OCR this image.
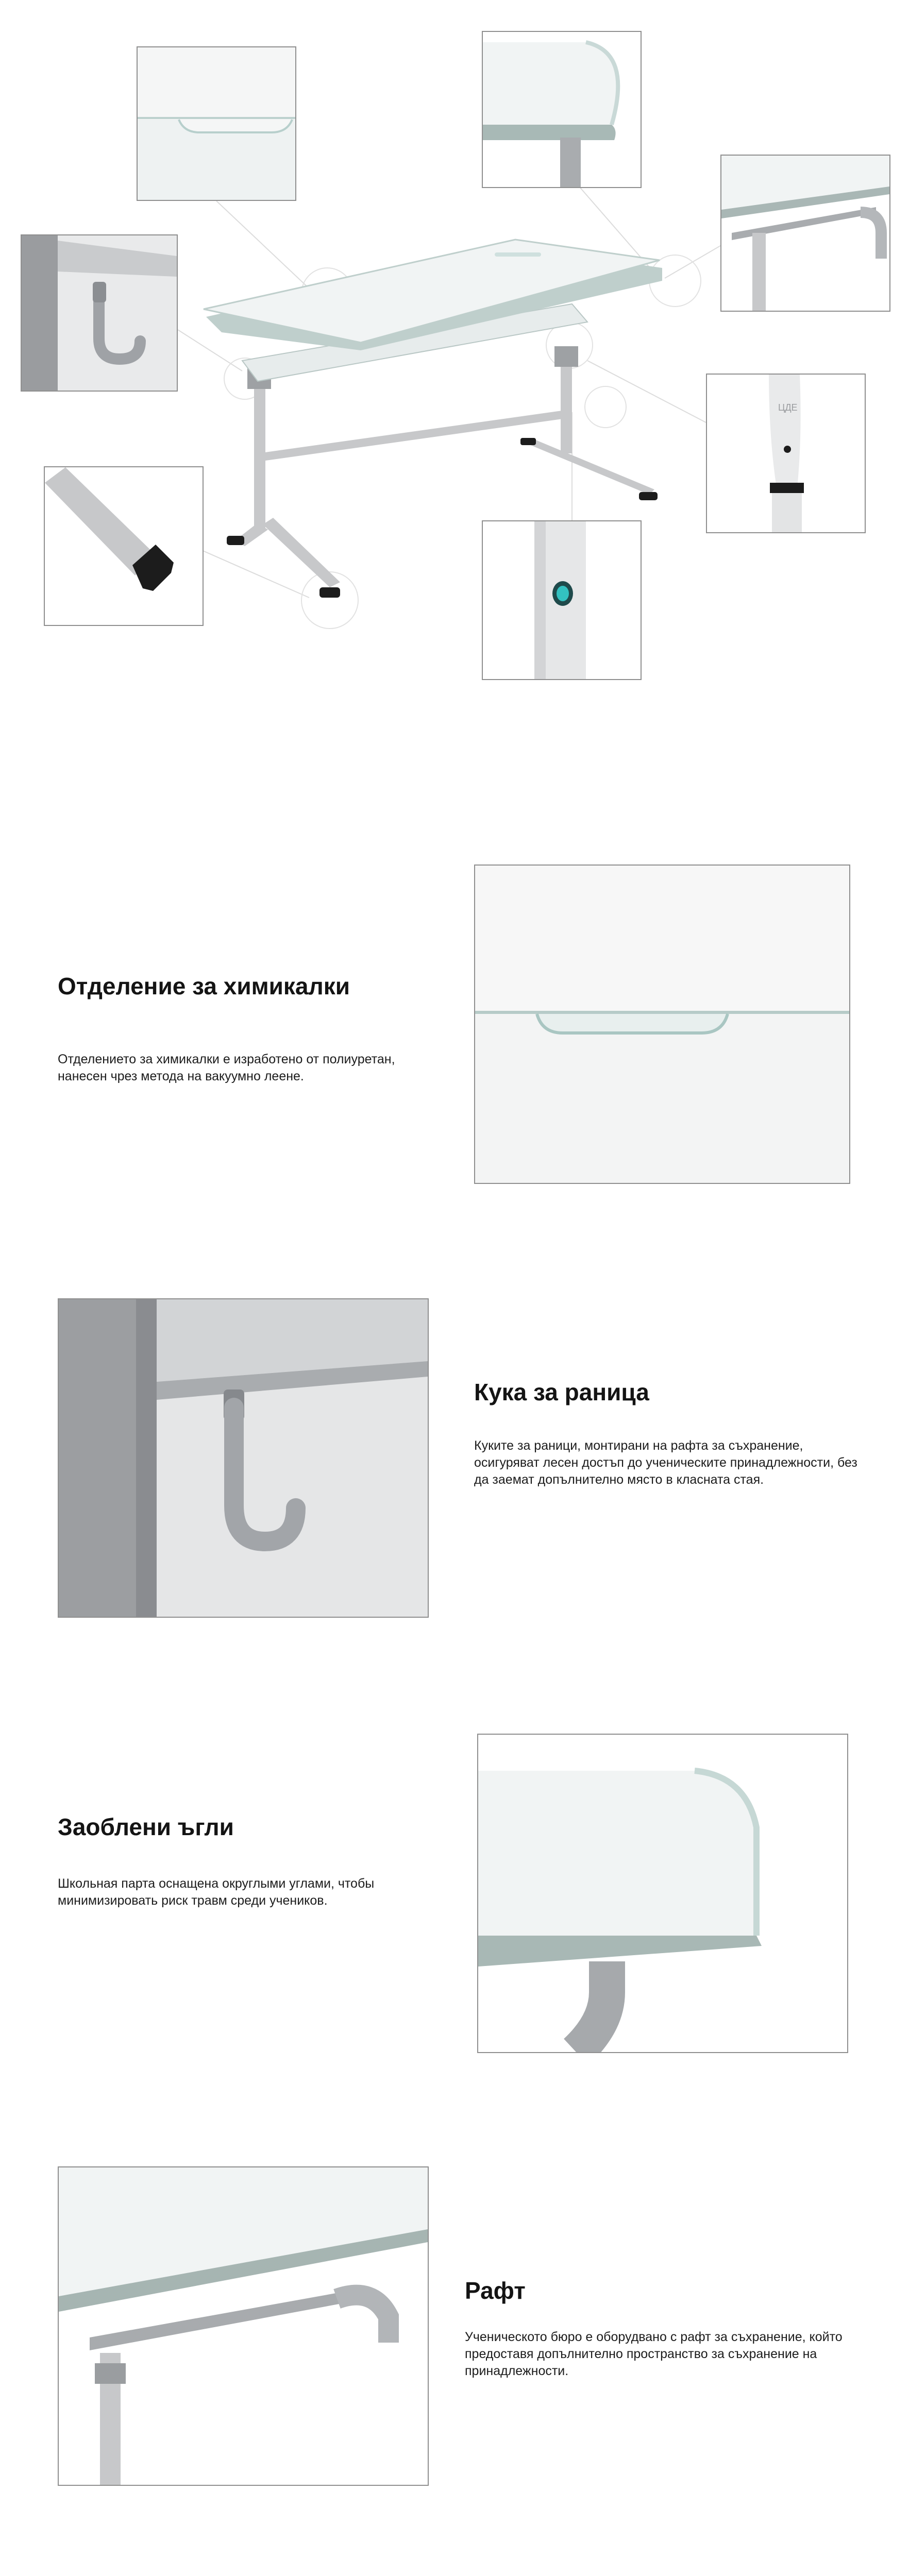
ЦДЕ
Отделение за химикалки

Отделението за химикалки е изработено от полиуретан, нанесен чрез метода на вакуумно леене.

Кука за раница

Куките за раници, монтирани на рафта за съхранение, осигуряват лесен достъп до ученическите принадлежности, без да заемат допълнително място в класната стая.

Заоблени ъгли

Школьная парта оснащена округлыми углами, чтобы минимизировать риск травм среди учеников.

Рафт

Ученическото бюро е оборудвано с рафт за съхранение, който предоставя допълнително пространство за съхранение на принадлежности.
